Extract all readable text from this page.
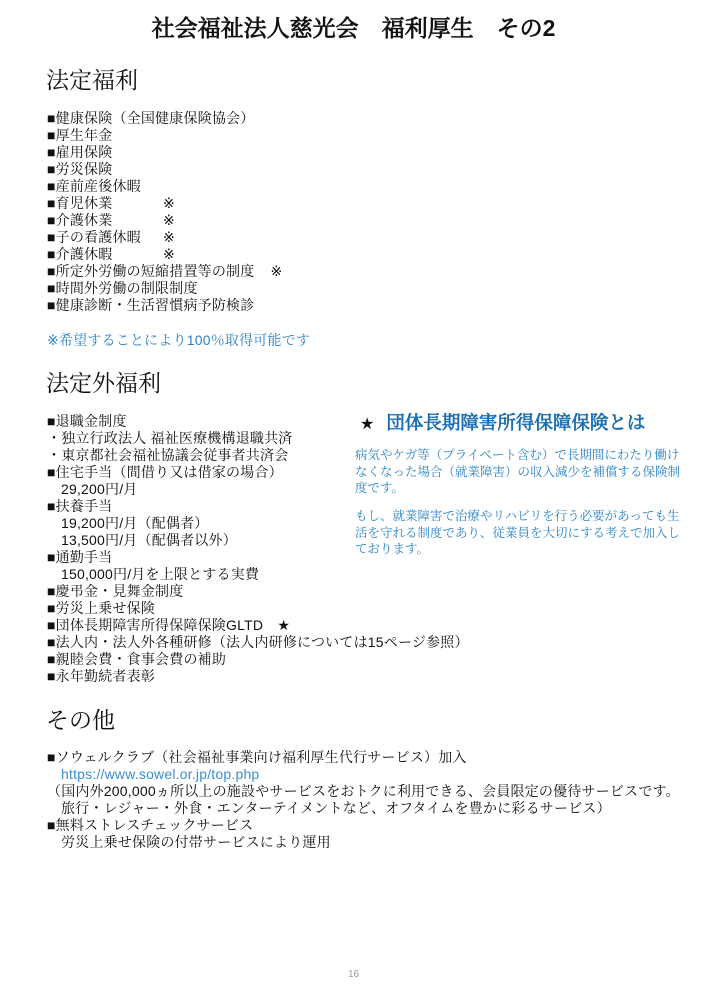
社会福祉法人慈光会　福利厚生　その2
法定福利
■健康保険（全国健康保険協会）
■厚生年金
■雇用保険
■労災保険
■産前産後休暇
■育児休業	※
■介護休業	※
■子の看護休暇 ※
■介護休暇	※
■所定外労働の短縮措置等の制度 ※
■時間外労働の制限制度
■健康診断・生活習慣病予防検診
※希望することにより100％取得可能です
法定外福利
■退職金制度
・独立行政法人 福祉医療機構退職共済
・東京都社会福祉協議会従事者共済会
■住宅手当（間借り又は借家の場合）
29,200円/月
■扶養手当
19,200円/月（配偶者）
13,500円/月（配偶者以外）
■通勤手当
150,000円/月を上限とする実費
■慶弔金・見舞金制度
■労災上乗せ保険
■団体長期障害所得保障保険GLTD　★
■法人内・法人外各種研修（法人内研修については15ページ参照）
■親睦会費・食事会費の補助
■永年勤続者表彰
★ 団体長期障害所得保障保険とは
病気やケガ等（プライベート含む）で長期間にわたり働け
なくなった場合（就業障害）の収入減少を補償する保険制
度です。
もし、就業障害で治療やリハビリを行う必要があっても生
活を守れる制度であり、従業員を大切にする考えで加入し
ております。
その他
■ソウェルクラブ（社会福祉事業向け福利厚生代行サービス）加入
https://www.sowel.or.jp/top.php
（国内外200,000ヵ所以上の施設やサービスをおトクに利用できる、会員限定の優待サービスです。
旅行・レジャー・外食・エンターテイメントなど、オフタイムを豊かに彩るサービス）
■無料ストレスチェックサービス
労災上乗せ保険の付帯サービスにより運用
16
